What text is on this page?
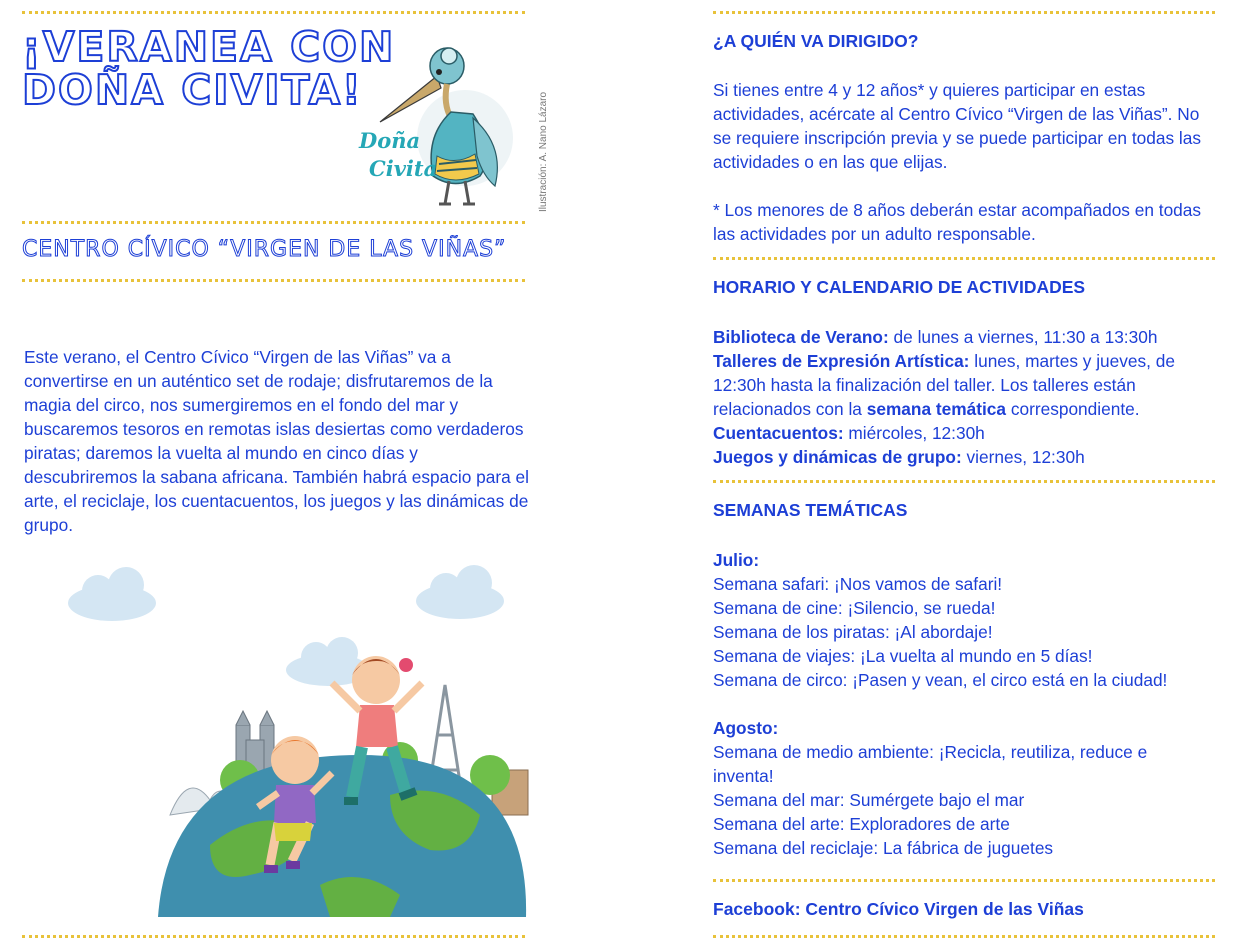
¡VERANEA CON
DOÑA CIVITA!
Doña
Civita	Ilustración: A. Nano Lázaro
CENTRO CÍVICO “VIRGEN DE LAS VIÑAS”

Este verano, el Centro Cívico “Virgen de las Viñas” va a convertirse en un auténtico set de rodaje; disfrutaremos de la magia del circo, nos sumergiremos en el fondo del mar y buscaremos tesoros en remotas islas desiertas como verdaderos piratas; daremos la vuelta al mundo en cinco días y descubriremos la sabana africana. También habrá espacio para el arte, el reciclaje, los cuentacuentos, los juegos y las dinámicas de grupo.

¿A QUIÉN VA DIRIGIDO?

Si tienes entre 4 y 12 años* y quieres participar en estas actividades, acércate al Centro Cívico “Virgen de las Viñas”. No se requiere inscripción previa y se puede participar en todas las actividades o en las que elijas.

* Los menores de 8 años deberán estar acompañados en todas las actividades por un adulto responsable.

HORARIO Y CALENDARIO DE ACTIVIDADES

Biblioteca de Verano: de lunes a viernes, 11:30 a 13:30h

Talleres de Expresión Artística: lunes, martes y jueves, de 12:30h hasta la finalización del taller. Los talleres están relacionados con la semana temática correspondiente.

Cuentacuentos: miércoles, 12:30h

Juegos y dinámicas de grupo: viernes, 12:30h

SEMANAS TEMÁTICAS

Julio:

Semana safari: ¡Nos vamos de safari!

Semana de cine: ¡Silencio, se rueda!

Semana de los piratas: ¡Al abordaje!

Semana de viajes: ¡La vuelta al mundo en 5 días!

Semana de circo: ¡Pasen y vean, el circo está en la ciudad!

Agosto:

Semana de medio ambiente: ¡Recicla, reutiliza, reduce e inventa!

Semana del mar: Sumérgete bajo el mar

Semana del arte: Exploradores de arte

Semana del reciclaje: La fábrica de juguetes

Facebook: Centro Cívico Virgen de las Viñas
